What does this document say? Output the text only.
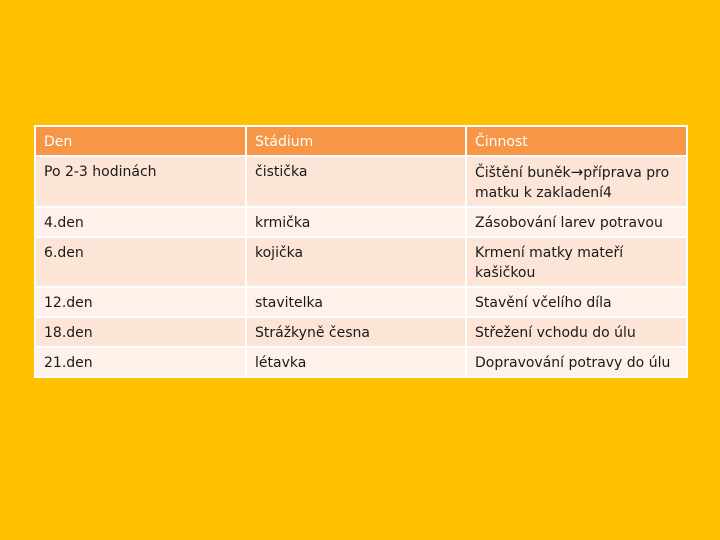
Den	Stádium	Činnost
Po 2-3 hodinách	čistička	Čištění buněk→příprava pro matku k zakladení4
4.den	krmička	Zásobování larev potravou
6.den	kojička	Krmení matky mateří kašičkou
12.den	stavitelka	Stavění včelího díla
18.den	Strážkyně česna	Střežení vchodu do úlu
21.den	létavka	Dopravování potravy do úlu
